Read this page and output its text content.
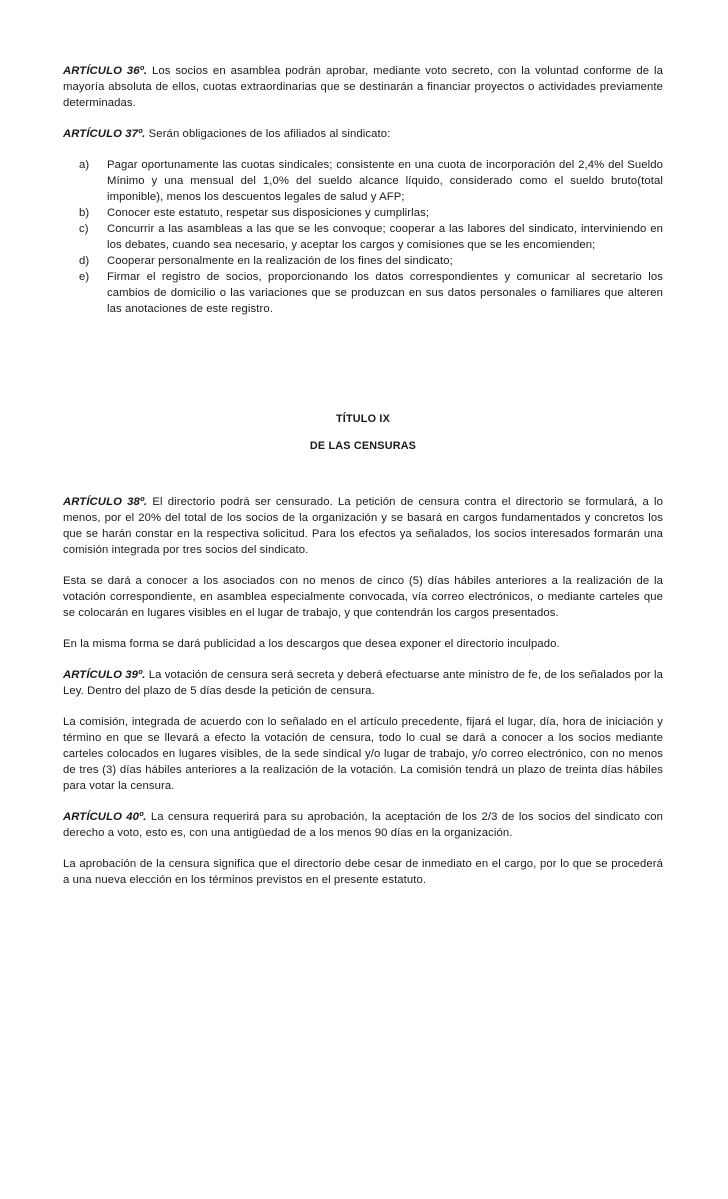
ARTÍCULO 36º. Los socios en asamblea podrán aprobar, mediante voto secreto, con la voluntad conforme de la mayoría absoluta de ellos, cuotas extraordinarias que se destinarán a financiar proyectos o actividades previamente determinadas.

ARTÍCULO 37º. Serán obligaciones de los afiliados al sindicato:

a)	Pagar oportunamente las cuotas sindicales; consistente en una cuota de incorporación del 2,4% del Sueldo Mínimo y una mensual del 1,0% del sueldo alcance líquido, considerado como el sueldo bruto(total imponible), menos los descuentos legales de salud y AFP;
b)	Conocer este estatuto, respetar sus disposiciones y cumplirlas;
c)	Concurrir a las asambleas a las que se les convoque; cooperar a las labores del sindicato, interviniendo en los debates, cuando sea necesario, y aceptar los cargos y comisiones que se les encomienden;
d)	Cooperar personalmente en la realización de los fines del sindicato;
e)	Firmar el registro de socios, proporcionando los datos correspondientes y comunicar al secretario los cambios de domicilio o las variaciones que se produzcan en sus datos personales o familiares que alteren las anotaciones de este registro.
TÍTULO IX
DE LAS CENSURAS

ARTÍCULO 38º. El directorio podrá ser censurado. La petición de censura contra el directorio se formulará, a lo menos, por el 20% del total de los socios de la organización y se basará en cargos fundamentados y concretos los que se harán constar en la respectiva solicitud. Para los efectos ya señalados, los socios interesados formarán una comisión integrada por tres socios del sindicato.

Esta se dará a conocer a los asociados con no menos de cinco (5) días hábiles anteriores a la realización de la votación correspondiente, en asamblea especialmente convocada, vía correo electrónicos, o mediante carteles que se colocarán en lugares visibles en el lugar de trabajo, y que contendrán los cargos presentados.

En la misma forma se dará publicidad a los descargos que desea exponer el directorio inculpado.

ARTÍCULO 39º. La votación de censura será secreta y deberá efectuarse ante ministro de fe, de los señalados por la Ley. Dentro del plazo de 5 días desde la petición de censura.

La comisión, integrada de acuerdo con lo señalado en el artículo precedente, fijará el lugar, día, hora de iniciación y término en que se llevará a efecto la votación de censura, todo lo cual se dará a conocer a los socios mediante carteles colocados en lugares visibles, de la sede sindical y/o lugar de trabajo, y/o correo electrónico, con no menos de tres (3) días hábiles anteriores a la realización de la votación. La comisión tendrá un plazo de treinta días hábiles para votar la censura.

ARTÍCULO 40º. La censura requerirá para su aprobación, la aceptación de los 2/3 de los socios del sindicato con derecho a voto, esto es, con una antigüedad de a los menos 90 días en la organización.

La aprobación de la censura significa que el directorio debe cesar de inmediato en el cargo, por lo que se procederá a una nueva elección en los términos previstos en el presente estatuto.
